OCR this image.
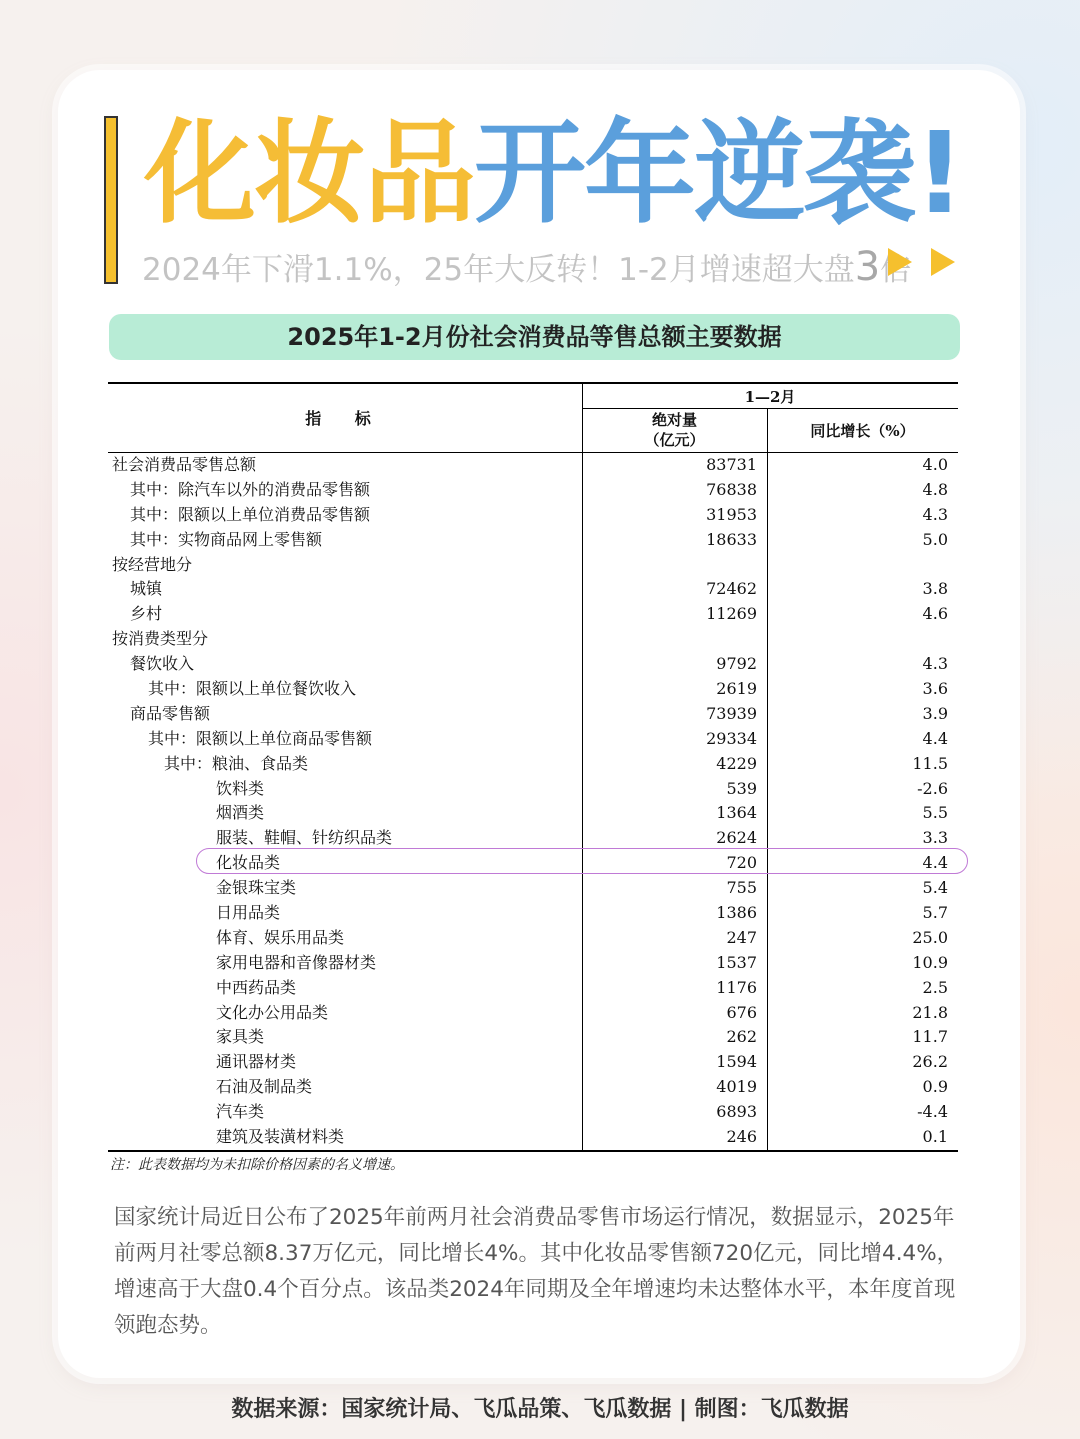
化妆品开年逆袭!
2024年下滑1.1%，25年大反转！1-2月增速超大盘3倍

2025年1-2月份社会消费品等售总额主要数据
指 标
1—2月
绝对量
（亿元）	同比增长（%）
社会消费品零售总额	83731	4.0
其中：除汽车以外的消费品零售额	76838	4.8
其中：限额以上单位消费品零售额	31953	4.3
其中：实物商品网上零售额	18633	5.0
按经营地分
城镇	72462	3.8
乡村	11269	4.6
按消费类型分
餐饮收入	9792	4.3
其中：限额以上单位餐饮收入	2619	3.6
商品零售额	73939	3.9
其中：限额以上单位商品零售额	29334	4.4
其中：粮油、食品类	4229	11.5
饮料类	539	-2.6
烟酒类	1364	5.5
服装、鞋帽、针纺织品类	2624	3.3
化妆品类	720	4.4
金银珠宝类	755	5.4
日用品类	1386	5.7
体育、娱乐用品类	247	25.0
家用电器和音像器材类	1537	10.9
中西药品类	1176	2.5
文化办公用品类	676	21.8
家具类	262	11.7
通讯器材类	1594	26.2
石油及制品类	4019	0.9
汽车类	6893	-4.4
建筑及装潢材料类	246	0.1
注：此表数据均为未扣除价格因素的名义增速。
国家统计局近日公布了2025年前两月社会消费品零售市场运行情况，数据显示，2025年前两月社零总额8.37万亿元，同比增长4%。其中化妆品零售额720亿元，同比增4.4%，增速高于大盘0.4个百分点。该品类2024年同期及全年增速均未达整体水平，本年度首现领跑态势。
数据来源：国家统计局、飞瓜品策、飞瓜数据 | 制图：飞瓜数据
